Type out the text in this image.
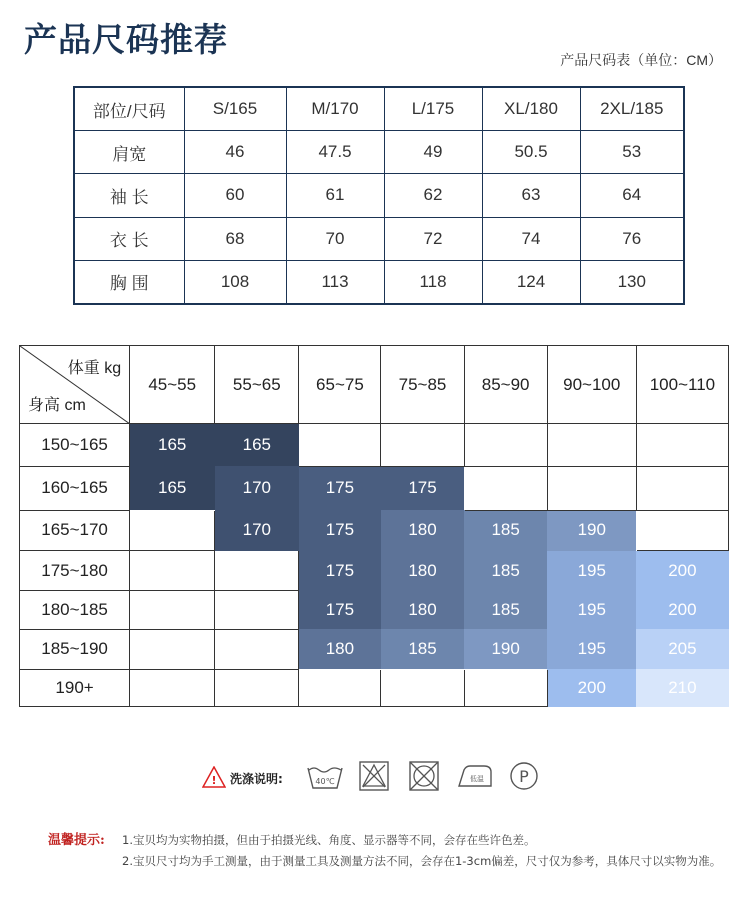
产品尺码推荐
产品尺码表（单位：CM）
部位/尺码	S/165	M/170	L/175	XL/180	2XL/185
肩宽	46	47.5	49	50.5	53
袖 长	60	61	62	63	64
衣 长	68	70	72	74	76
胸 围	108	113	118	124	130
体重 kg
身高 cm	45~55	55~65	65~75	75~85	85~90	90~100	100~110
150~165	165	165					
160~165	165	170	175	175			
165~170		170	175	180	185	190	
175~180			175	180	185	195	200
180~185			175	180	185	195	200
185~190			180	185	190	195	205
190+						200	210
! 洗涤说明:	40℃	低温 P
温馨提示: 1.宝贝均为实物拍摄，但由于拍摄光线、角度、显示器等不同，会存在些许色差。
2.宝贝尺寸均为手工测量，由于测量工具及测量方法不同，会存在1-3cm偏差，尺寸仅为参考，具体尺寸以实物为准。
